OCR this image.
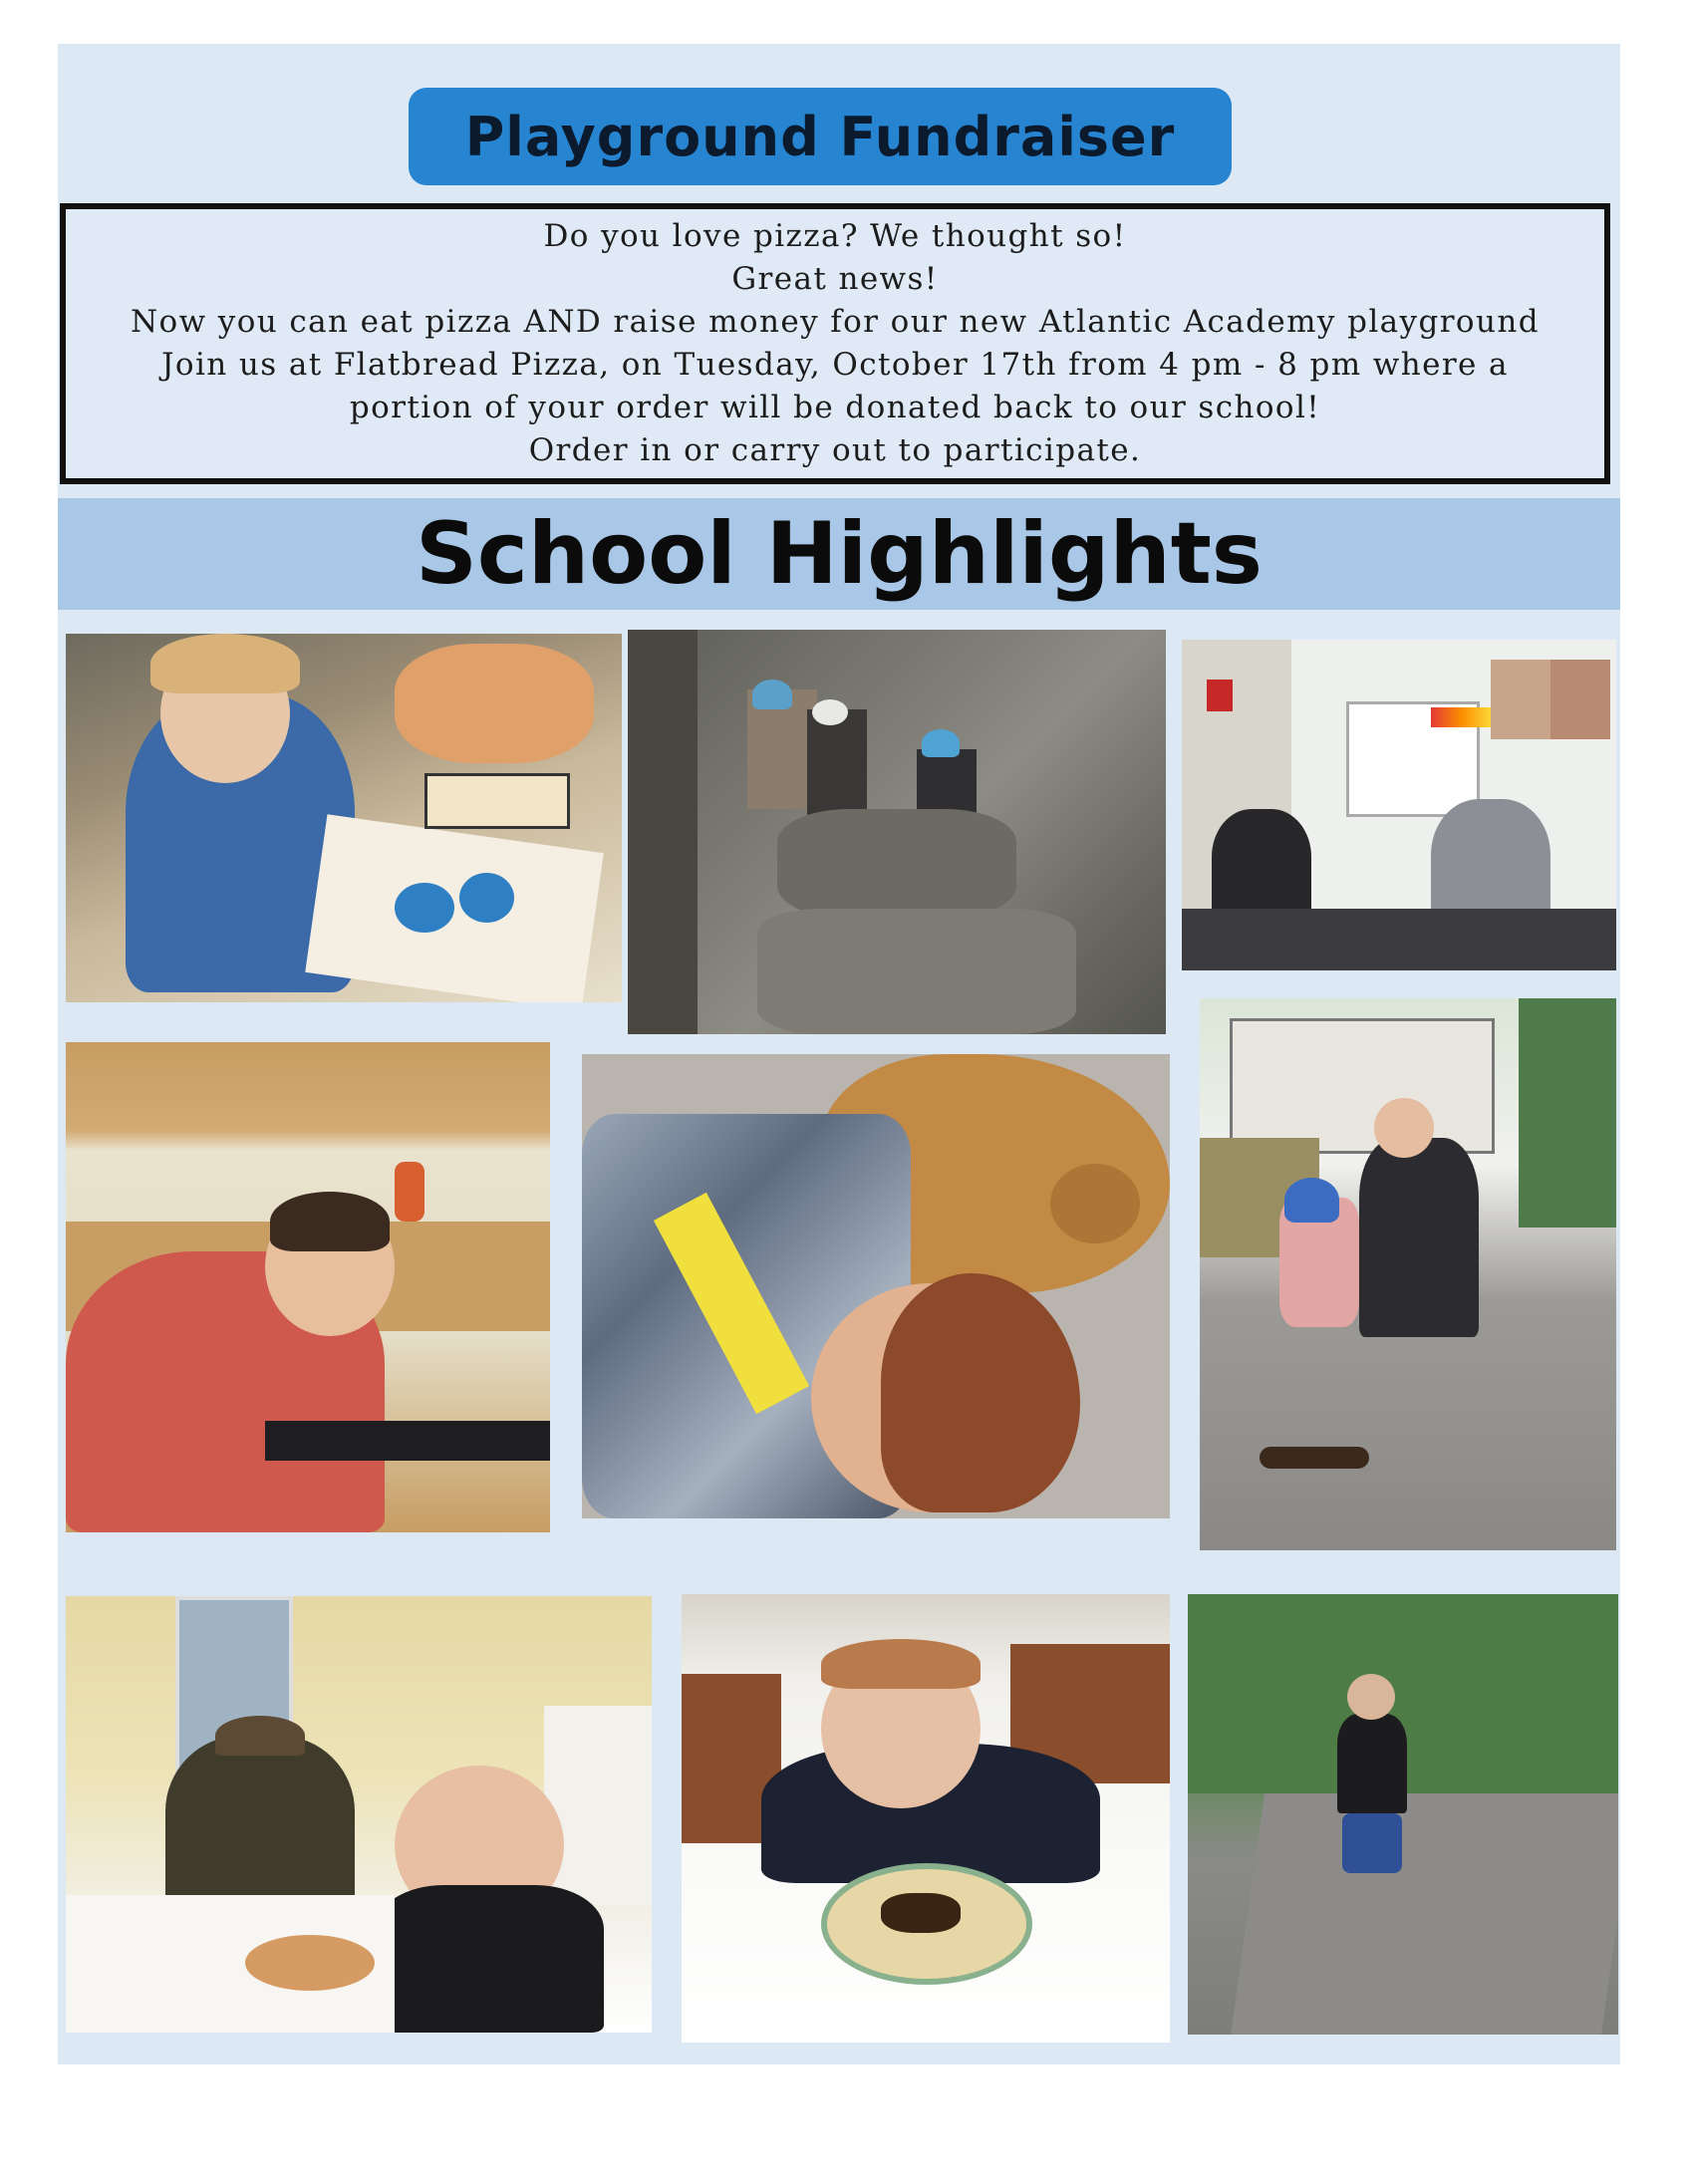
Playground Fundraiser
Do you love pizza? We thought so!
Great news!
Now you can eat pizza AND raise money for our new Atlantic Academy playground
Join us at Flatbread Pizza, on Tuesday, October 17th from 4 pm - 8 pm where a
portion of your order will be donated back to our school!
Order in or carry out to participate.
School Highlights
